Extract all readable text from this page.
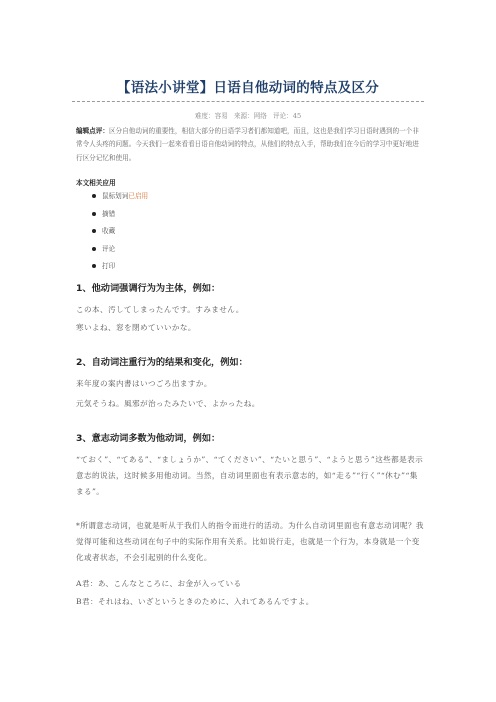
【语法小讲堂】日语自他动词的特点及区分
难度：容易 来源：网络 评论：45
编辑点评：区分自他动词的重要性，相信大部分的日语学习者们都知道吧，而且，这也是我们学习日语时遇到的一个非常令人头疼的问题。今天我们一起来看看日语自他动词的特点，从他们的特点入手，帮助我们在今后的学习中更好地进行区分记忆和使用。
本文相关应用
鼠标划词已启用
摘错
收藏
评论
打印
1、他动词强调行为为主体，例如：
この本、汚してしまったんです。すみません。
寒いよね、窓を閉めていいかな。
2、自动词注重行为的结果和变化，例如：
来年度の案内書はいつごろ出ますか。
元気そうね。風邪が治ったみたいで、よかったね。
3、意志动词多数为他动词，例如：
“ておく”、“てある”、“ましょうか”、“てください”、“たいと思う”、“ようと思う”这些都是表示意志的说法，这时候多用他动词。当然，自动词里面也有表示意志的，如“走る”“行く”“休む”“集まる”。
*所谓意志动词，也就是听从于我们人的指令而进行的活动。为什么自动词里面也有意志动词呢？我觉得可能和这些动词在句子中的实际作用有关系。比如说行走，也就是一个行为，本身就是一个变化或者状态，不会引起别的什么变化。
A君：あ、こんなところに、お金が入っている
B君：それはね、いざというときのために、入れてあるんですよ。
